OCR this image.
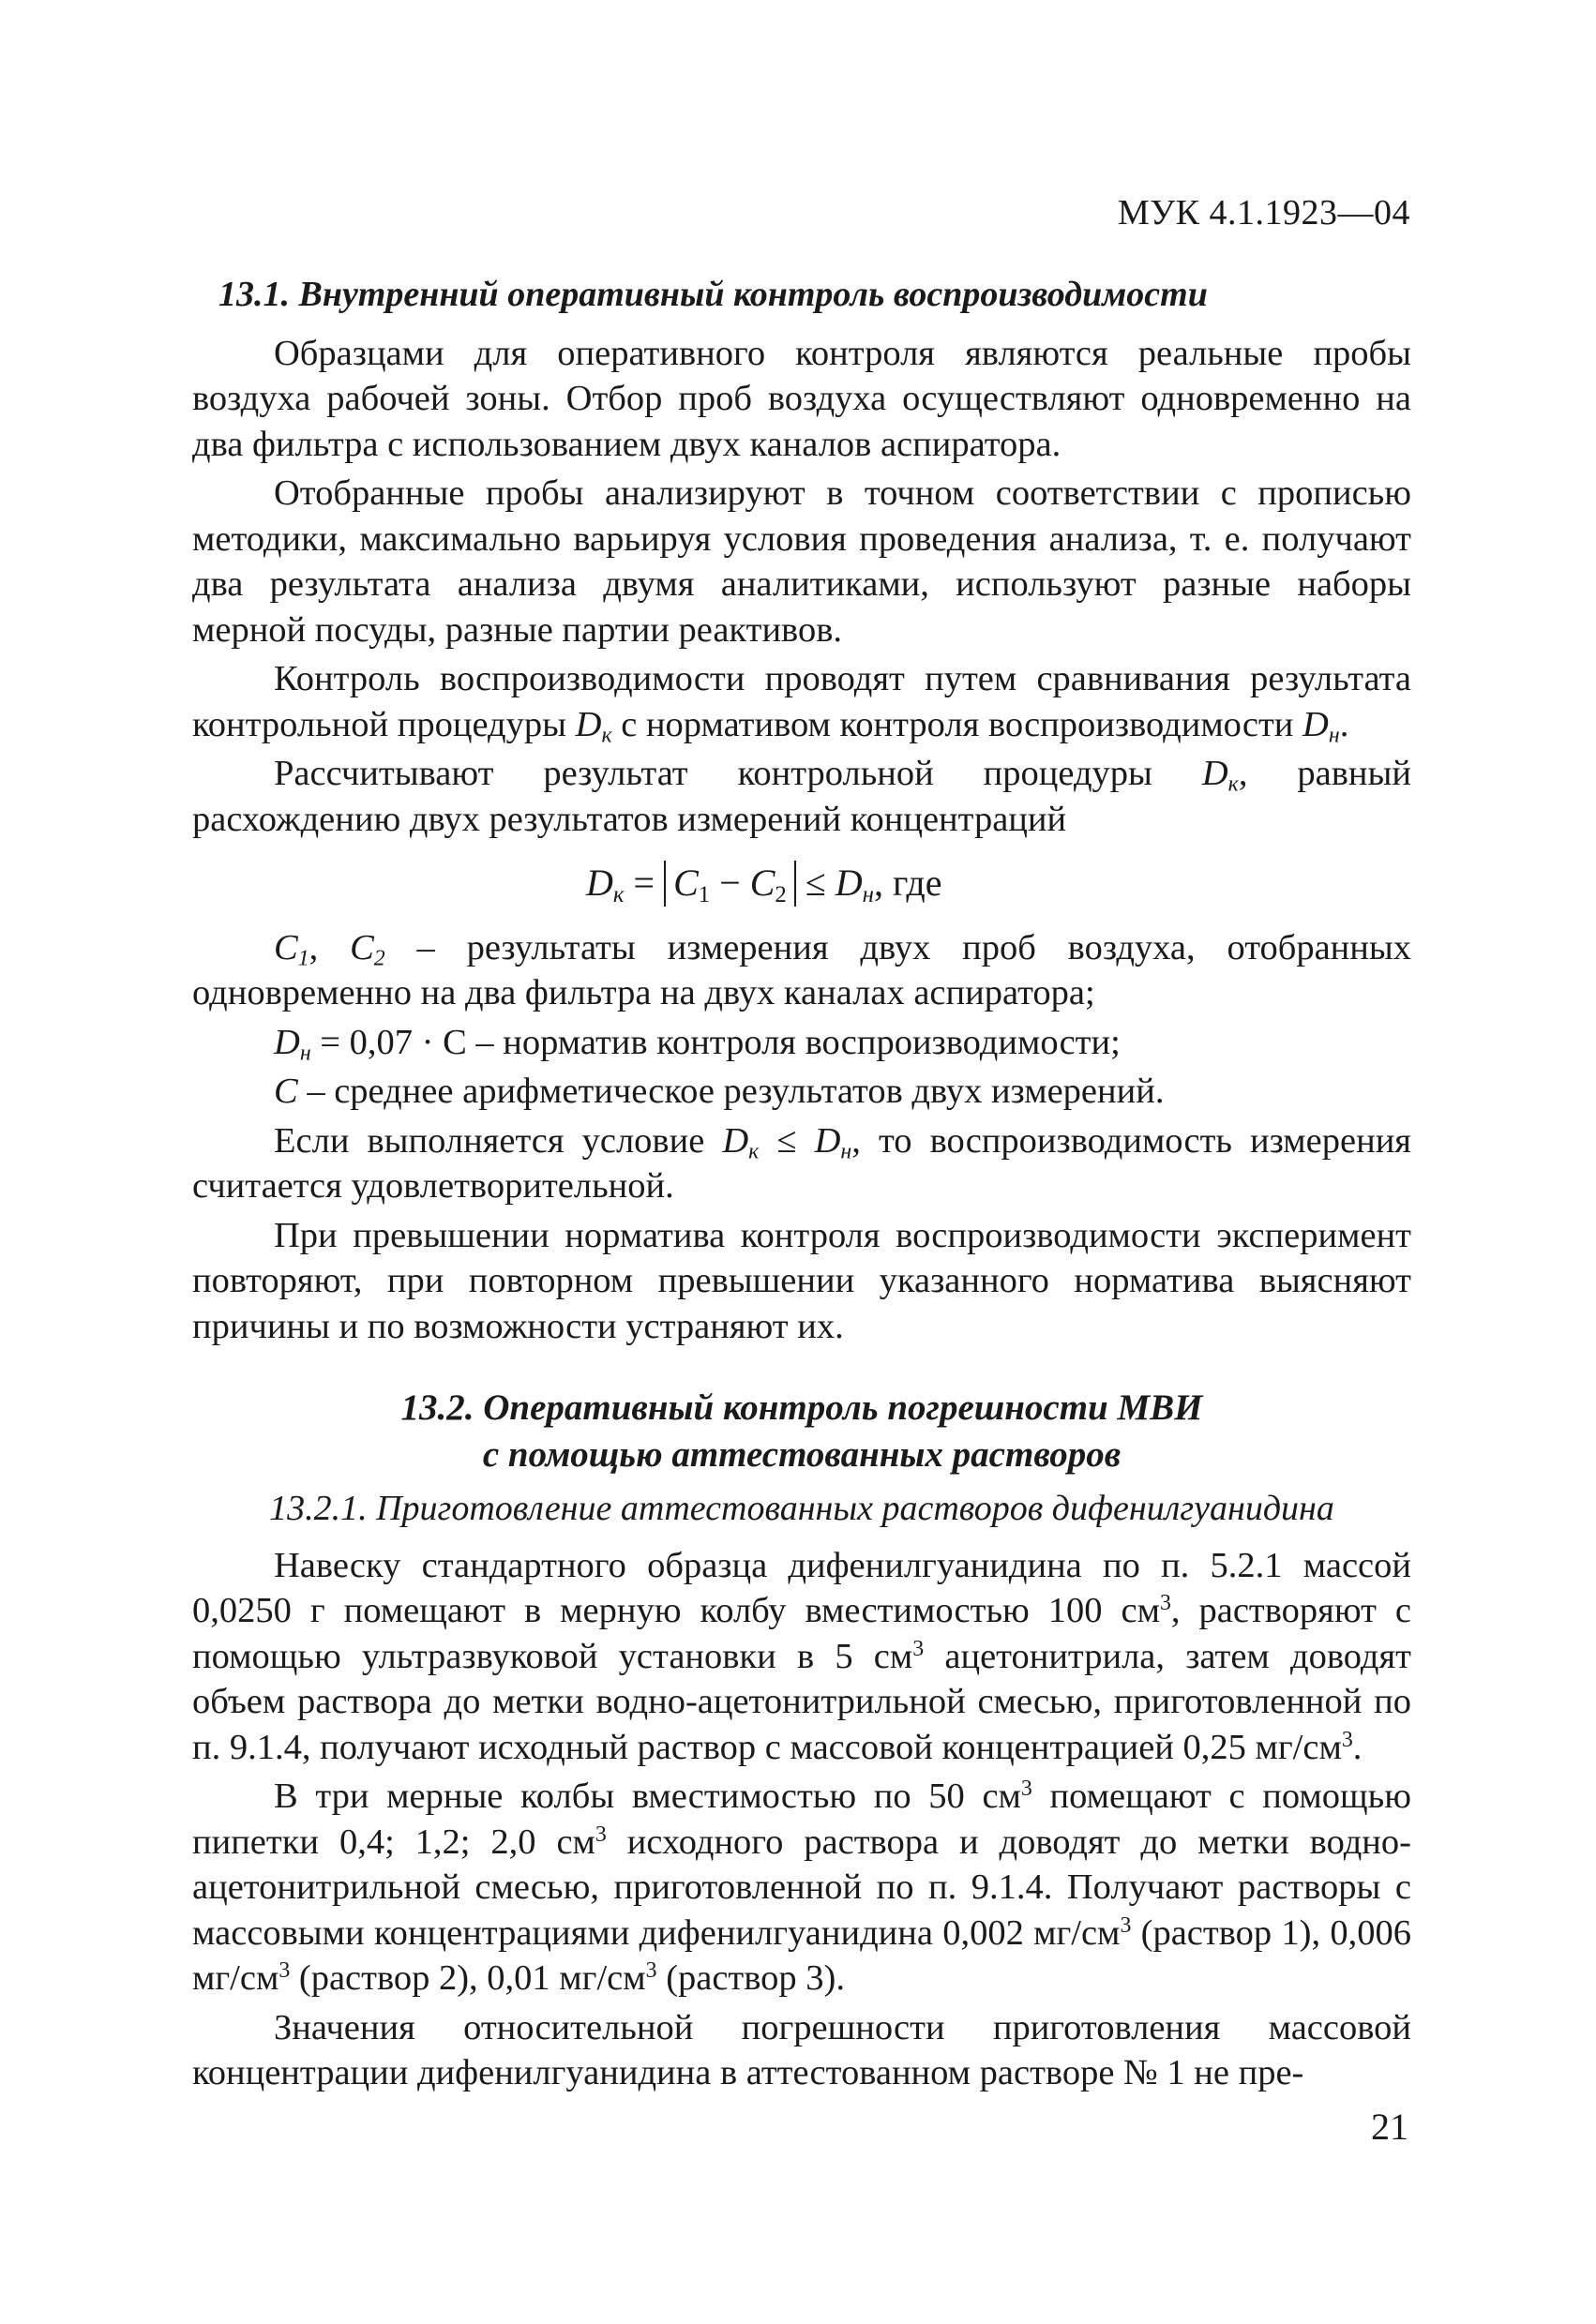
МУК 4.1.1923—04

13.1. Внутренний оперативный контроль воспроизводимости

Образцами для оперативного контроля являются реальные пробы воздуха рабочей зоны. Отбор проб воздуха осуществляют одновременно на два фильтра с использованием двух каналов аспиратора.

Отобранные пробы анализируют в точном соответствии с прописью методики, максимально варьируя условия проведения анализа, т. е. получают два результата анализа двумя аналитиками, используют разные наборы мерной посуды, разные партии реактивов.

Контроль воспроизводимости проводят путем сравнивания результата контрольной процедуры $D_к$ с нормативом контроля воспроизводимости $D_н$.

Рассчитывают результат контрольной процедуры $D_к$, равный расхождению двух результатов измерений концентраций

$D_к = C_1 - C_2 \le D_н$, где

$C_1$, $C_2$ – результаты измерения двух проб воздуха, отобранных одновременно на два фильтра на двух каналах аспиратора;

$D_н = 0,07 \cdot C$ – норматив контроля воспроизводимости;

C – среднее арифметическое результатов двух измерений.

Если выполняется условие $D_к \le D_н$, то воспроизводимость измерения считается удовлетворительной.

При превышении норматива контроля воспроизводимости эксперимент повторяют, при повторном превышении указанного норматива выясняют причины и по возможности устраняют их.

13.2. Оперативный контроль погрешности МВИ
с помощью аттестованных растворов

13.2.1. Приготовление аттестованных растворов дифенилгуанидина

Навеску стандартного образца дифенилгуанидина по п. 5.2.1 массой 0,0250 г помещают в мерную колбу вместимостью 100 $см^3$, растворяют с помощью ультразвуковой установки в 5 $см^3$ ацетонитрила, затем доводят объем раствора до метки водно-ацетонитрильной смесью, приготовленной по п. 9.1.4, получают исходный раствор с массовой концентрацией 0,25 $мг/см^3$.

В три мерные колбы вместимостью по 50 $см^3$ помещают с помощью пипетки 0,4; 1,2; 2,0 $см^3$ исходного раствора и доводят до метки водно-ацетонитрильной смесью, приготовленной по п. 9.1.4. Получают растворы с массовыми концентрациями дифенилгуанидина 0,002 $мг/см^3$ (раствор 1), 0,006 $мг/см^3$ (раствор 2), 0,01 $мг/см^3$ (раствор 3).

Значения относительной погрешности приготовления массовой концентрации дифенилгуанидина в аттестованном растворе № 1 не пре-

21
